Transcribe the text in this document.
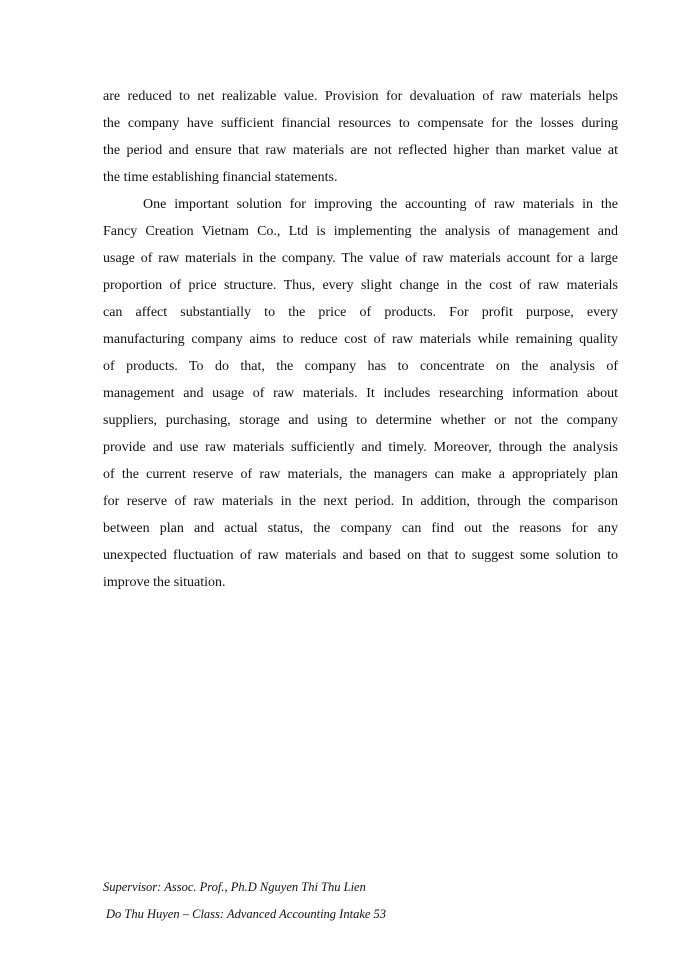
are reduced to net realizable value. Provision for devaluation of raw materials helps
the company have sufficient financial resources to compensate for the losses during
the period and ensure that raw materials are not reflected higher than market value at
the time establishing financial statements.
One important solution for improving the accounting of raw materials in the
Fancy Creation Vietnam Co., Ltd is implementing the analysis of management and
usage of raw materials in the company. The value of raw materials account for a large
proportion of price structure. Thus, every slight change in the cost of raw materials
can affect substantially to the price of products. For profit purpose, every
manufacturing company aims to reduce cost of raw materials while remaining quality
of products. To do that, the company has to concentrate on the analysis of
management and usage of raw materials. It includes researching information about
suppliers, purchasing, storage and using to determine whether or not the company
provide and use raw materials sufficiently and timely. Moreover, through the analysis
of the current reserve of raw materials, the managers can make a appropriately plan
for reserve of raw materials in the next period. In addition, through the comparison
between plan and actual status, the company can find out the reasons for any
unexpected fluctuation of raw materials and based on that to suggest some solution to
improve the situation.
Supervisor: Assoc. Prof., Ph.D Nguyen Thi Thu Lien
Do Thu Huyen – Class: Advanced Accounting Intake 53
